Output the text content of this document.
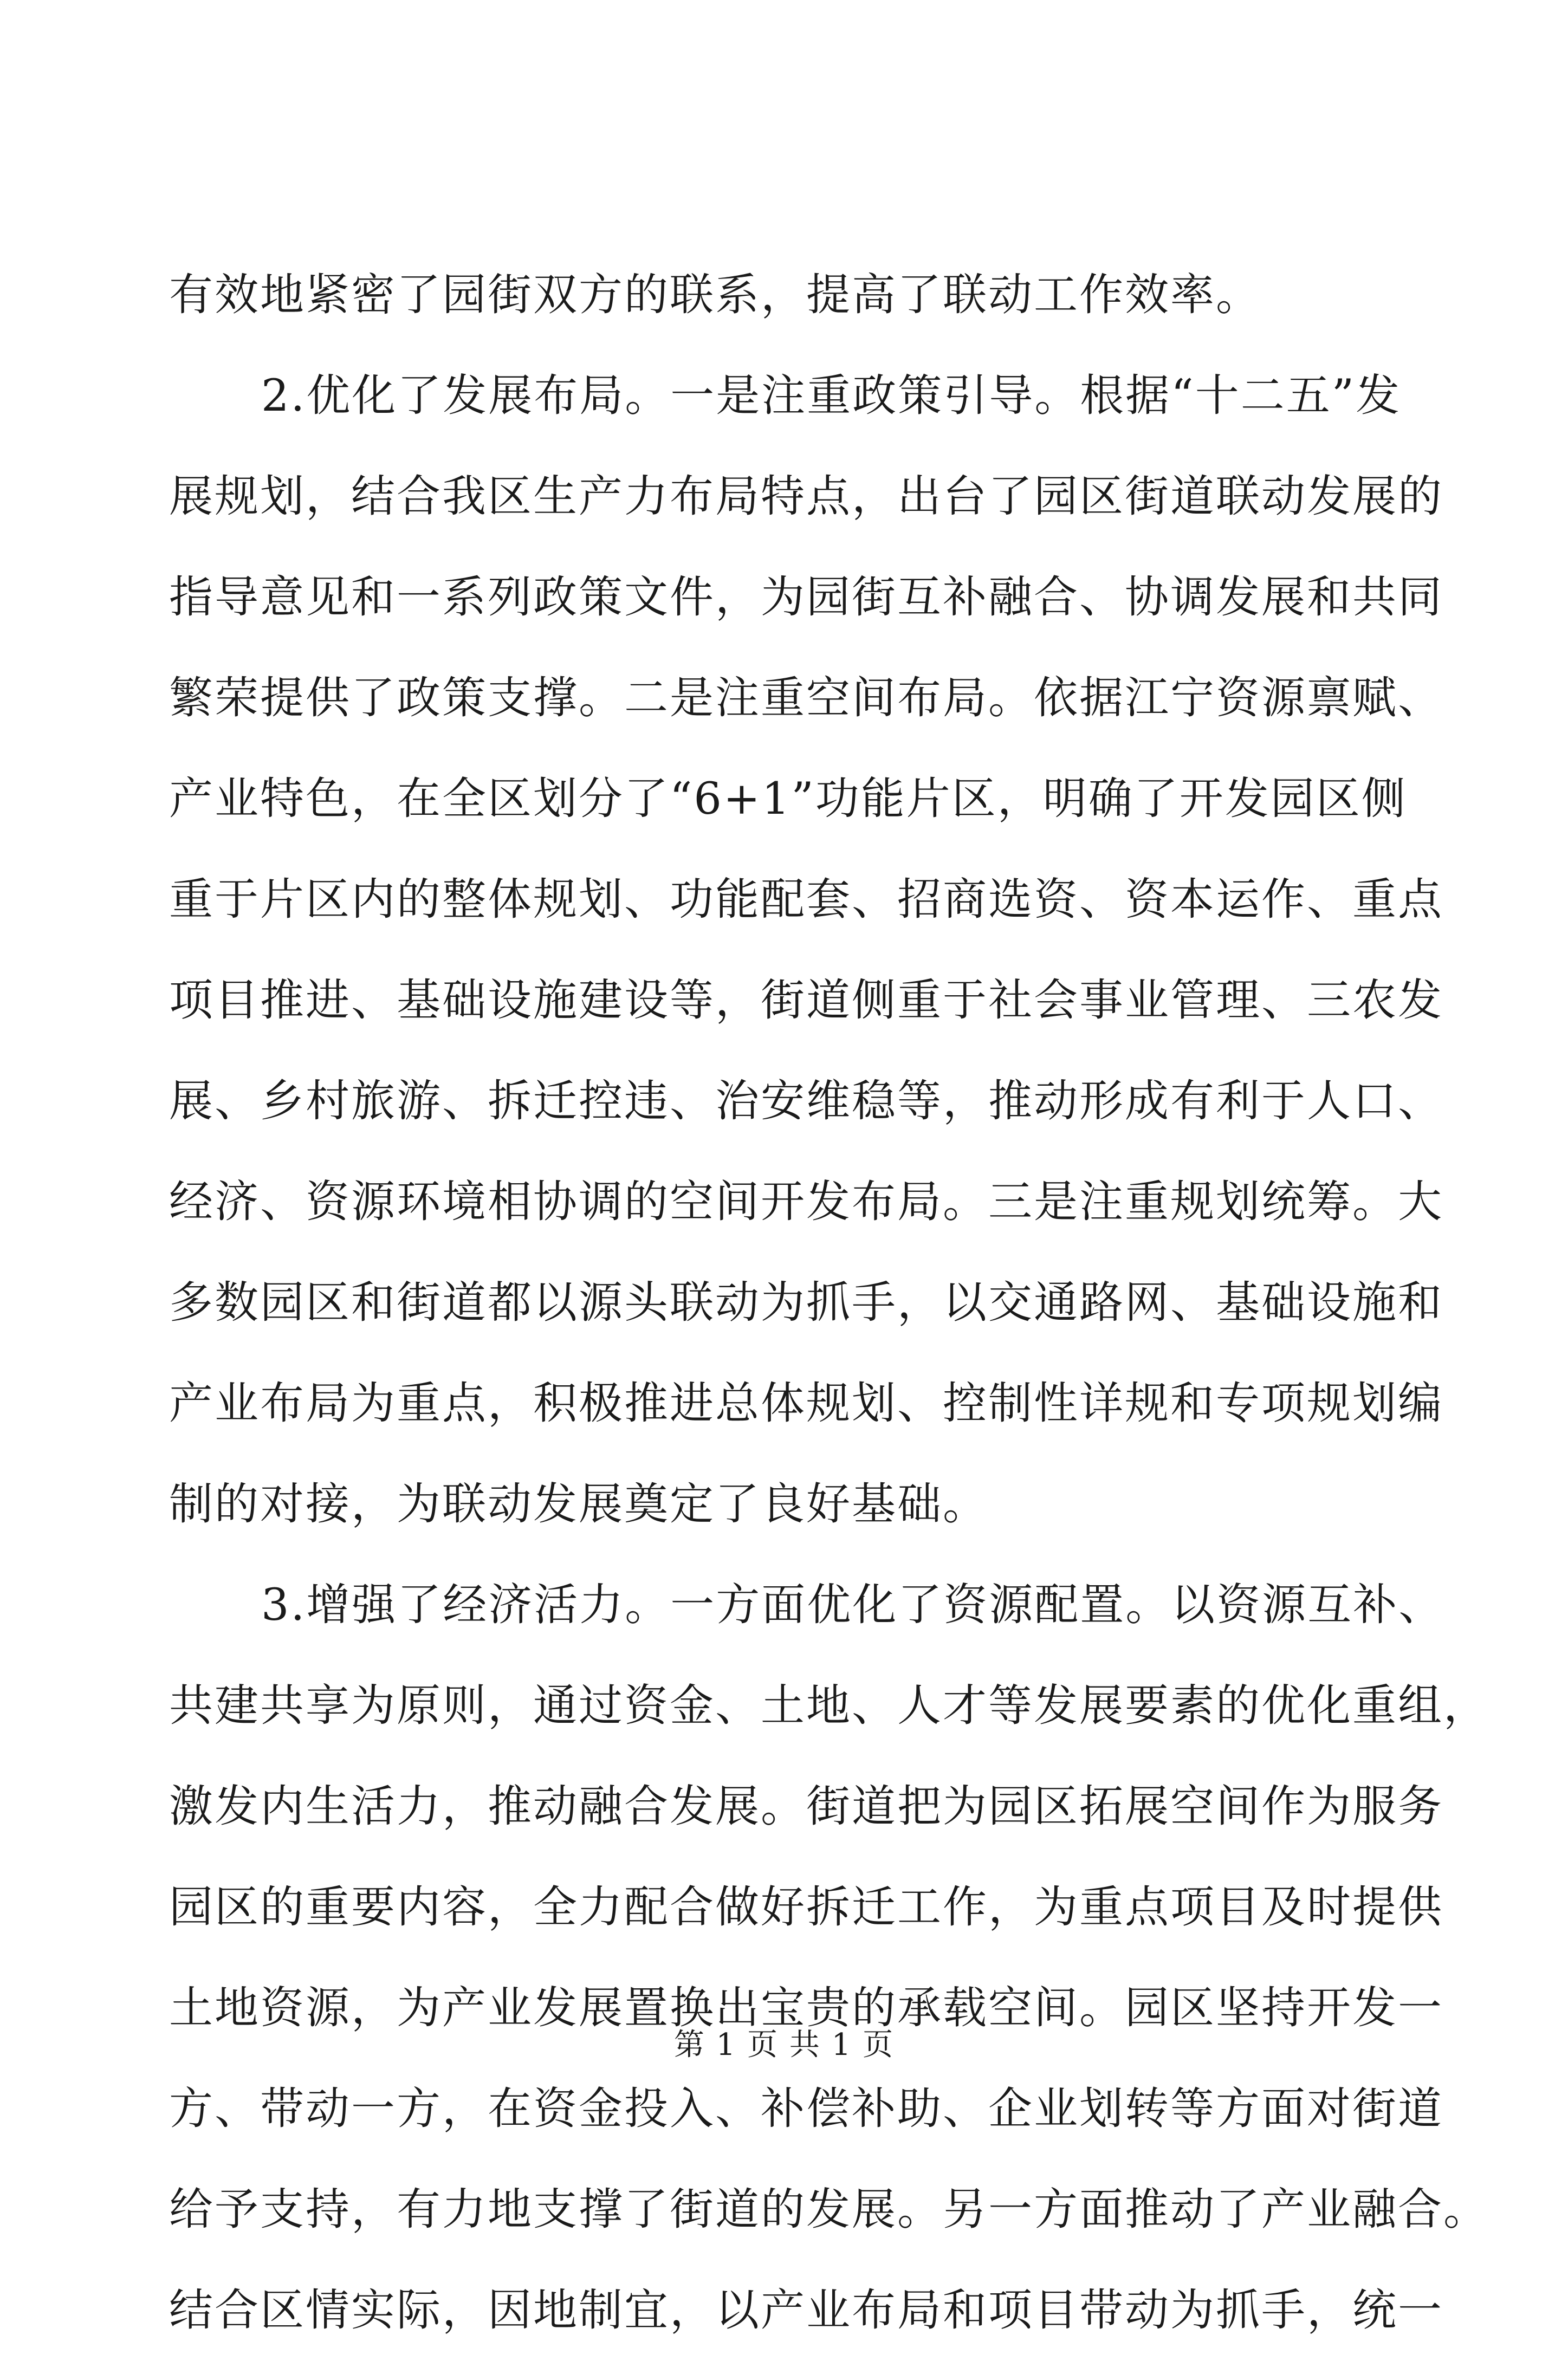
有效地紧密了园街双方的联系，提高了联动工作效率。
2.优化了发展布局。一是注重政策引导。根据“十二五”发
展规划，结合我区生产力布局特点，出台了园区街道联动发展的
指导意见和一系列政策文件，为园街互补融合、协调发展和共同
繁荣提供了政策支撑。二是注重空间布局。依据江宁资源禀赋、
产业特色，在全区划分了“6+1”功能片区，明确了开发园区侧
重于片区内的整体规划、功能配套、招商选资、资本运作、重点
项目推进、基础设施建设等，街道侧重于社会事业管理、三农发
展、乡村旅游、拆迁控违、治安维稳等，推动形成有利于人口、
经济、资源环境相协调的空间开发布局。三是注重规划统筹。大
多数园区和街道都以源头联动为抓手，以交通路网、基础设施和
产业布局为重点，积极推进总体规划、控制性详规和专项规划编
制的对接，为联动发展奠定了良好基础。
3.增强了经济活力。一方面优化了资源配置。以资源互补、
共建共享为原则，通过资金、土地、人才等发展要素的优化重组，
激发内生活力，推动融合发展。街道把为园区拓展空间作为服务
园区的重要内容，全力配合做好拆迁工作，为重点项目及时提供
土地资源，为产业发展置换出宝贵的承载空间。园区坚持开发一
方、带动一方，在资金投入、补偿补助、企业划转等方面对街道
给予支持，有力地支撑了街道的发展。另一方面推动了产业融合。
结合区情实际，因地制宜，以产业布局和项目带动为抓手，统一
第 1 页 共 1 页
